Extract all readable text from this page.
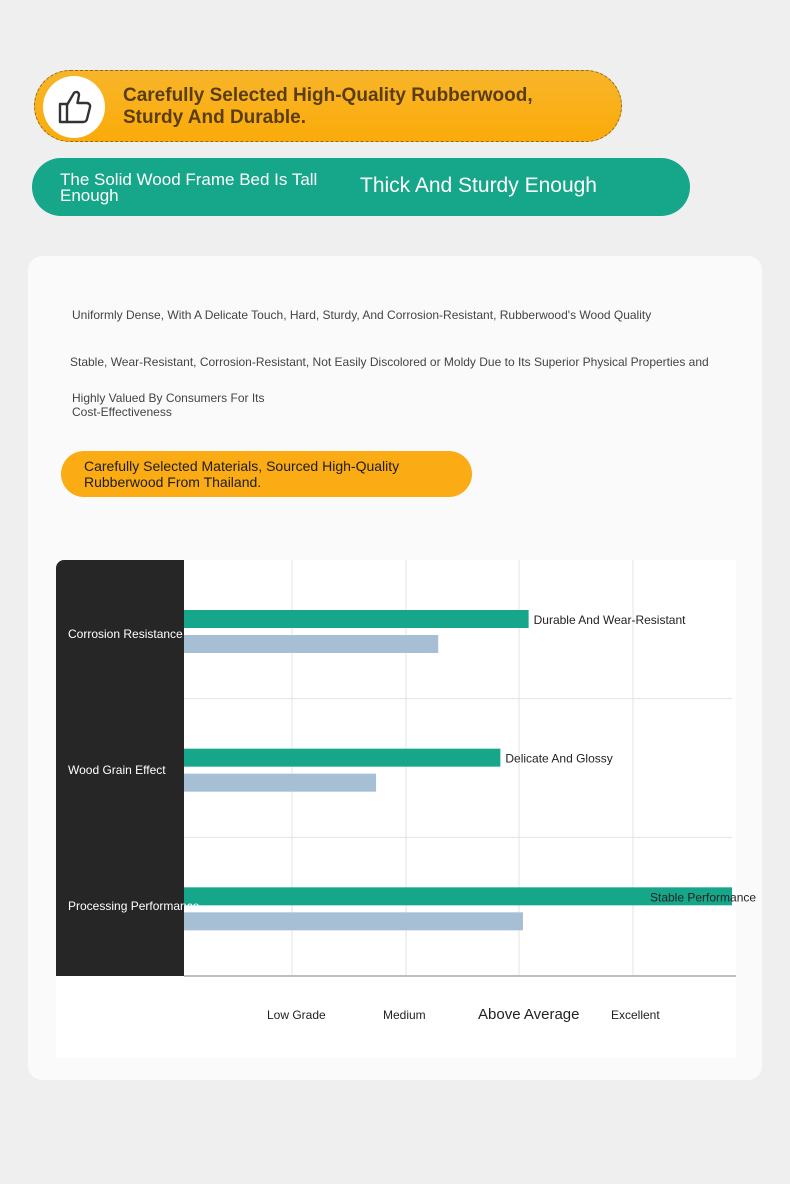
Carefully Selected High-Quality Rubberwood, Sturdy And Durable.
The Solid Wood Frame Bed Is Tall Enough	Thick And Sturdy Enough
Uniformly Dense, With A Delicate Touch, Hard, Sturdy, And Corrosion-Resistant, Rubberwood's Wood Quality
Stable, Wear-Resistant, Corrosion-Resistant, Not Easily Discolored or Moldy Due to Its Superior Physical Properties and
Highly Valued By Consumers For Its
Cost-Effectiveness
Carefully Selected Materials, Sourced High-Quality Rubberwood From Thailand.
Durable And Wear-Resistant
Delicate And Glossy
Stable Performance
Corrosion Resistance
Wood Grain Effect
Processing Performance
Low Grade	Medium	Above Average	Excellent
